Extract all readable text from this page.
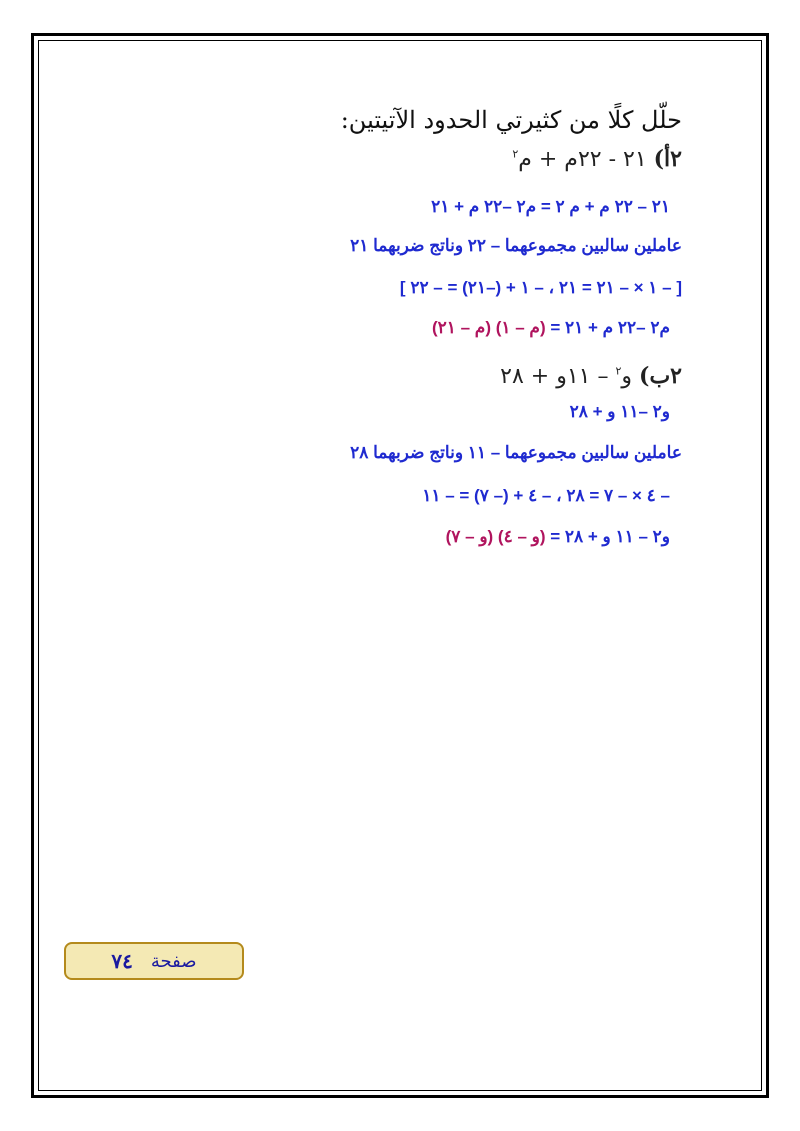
حلّل كلًا من كثيرتي الحدود الآتيتين:
٢أ) ٢١ - ٢٢م + م$^٢$
٢١ – ٢٢ م + م ٢ = م٢ –٢٢ م + ٢١
عاملين سالبين مجموعهما – ٢٢ وناتج ضربهما ٢١
[ – ١ × – ٢١ = ٢١ ، – ١ + (–٢١) = – ٢٢ ]
م٢ –٢٢ م + ٢١ = (م – ١) (م – ٢١)
٢ب) و$^٢$ – ١١و + ٢٨
و٢ –١١ و + ٢٨
عاملين سالبين مجموعهما – ١١ وناتج ضربهما ٢٨
– ٤ × – ٧ = ٢٨ ، – ٤ + (– ٧) = – ١١
و٢ – ١١ و + ٢٨ = (و – ٤) (و – ٧)
صفحة
٧٤
